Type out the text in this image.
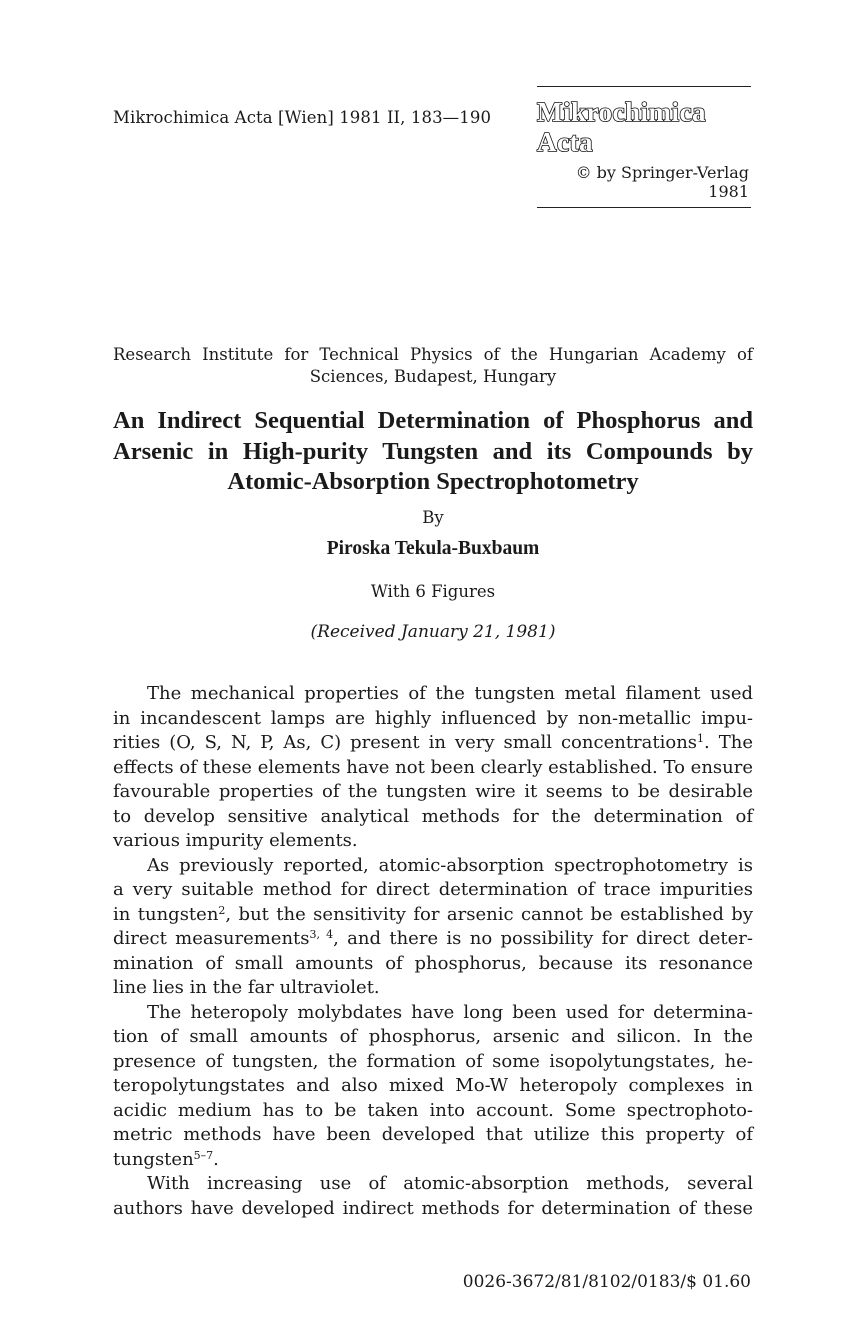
Mikrochimica Acta [Wien] 1981 II, 183—190 Mikrochimica Acta
© by Springer-Verlag 1981
Research Institute for Technical Physics of the Hungarian Academy of
Sciences, Budapest, Hungary
An Indirect Sequential Determination of Phosphorus and
Arsenic in High-purity Tungsten and its Compounds by
Atomic-Absorption Spectrophotometry
By
Piroska Tekula-Buxbaum
With 6 Figures
(Received January 21, 1981)

The mechanical properties of the tungsten metal filament used
in incandescent lamps are highly influenced by non-metallic impu-
rities (O, S, N, P, As, C) present in very small concentrations$^1$. The
effects of these elements have not been clearly established. To ensure
favourable properties of the tungsten wire it seems to be desirable
to develop sensitive analytical methods for the determination of
various impurity elements.

As previously reported, atomic-absorption spectrophotometry is
a very suitable method for direct determination of trace impurities
in tungsten$^2$, but the sensitivity for arsenic cannot be established by
direct measurements$^{3, 4}$, and there is no possibility for direct deter-
mination of small amounts of phosphorus, because its resonance
line lies in the far ultraviolet.

The heteropoly molybdates have long been used for determina-
tion of small amounts of phosphorus, arsenic and silicon. In the
presence of tungsten, the formation of some isopolytungstates, he-
teropolytungstates and also mixed Mo-W heteropoly complexes in
acidic medium has to be taken into account. Some spectrophoto-
metric methods have been developed that utilize this property of
tungsten$^{5-7}$.

With increasing use of atomic-absorption methods, several
authors have developed indirect methods for determination of these

0026-3672/81/8102/0183/$ 01.60
